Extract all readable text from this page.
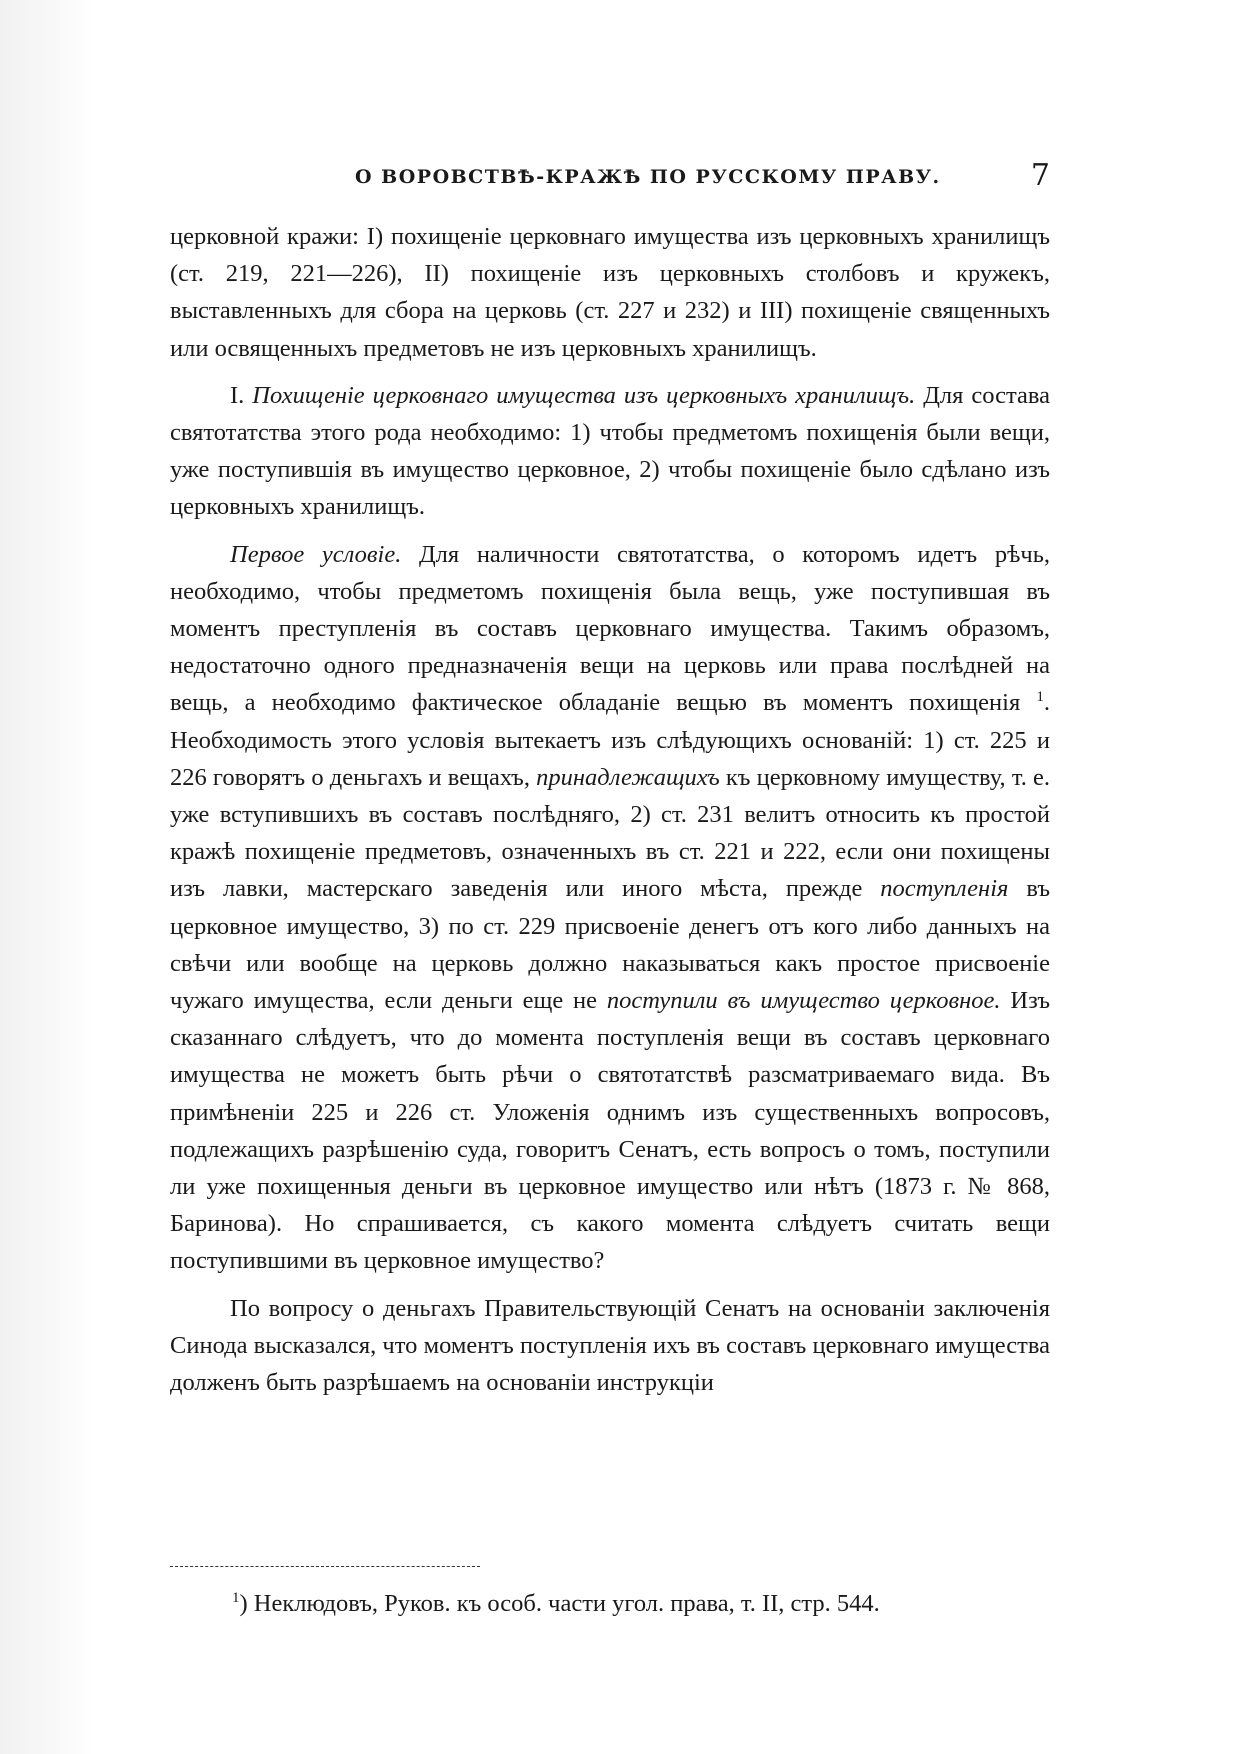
О ВОРОВСТВѢ-КРАЖѢ ПО РУССКОМУ ПРАВУ.	7

церковной кражи: I) похищеніе церковнаго имущества изъ церковныхъ хранилищъ (ст. 219, 221—226), II) похищеніе изъ церковныхъ столбовъ и кружекъ, выставленныхъ для сбора на церковь (ст. 227 и 232) и III) похищеніе священныхъ или освященныхъ предметовъ не изъ церковныхъ хранилищъ.

I. Похищеніе церковнаго имущества изъ церковныхъ хранилищъ. Для состава святотатства этого рода необходимо: 1) чтобы предметомъ похищенія были вещи, уже поступившія въ имущество церковное, 2) чтобы похищеніе было сдѣлано изъ церковныхъ хранилищъ.

Первое условіе. Для наличности святотатства, о которомъ идетъ рѣчь, необходимо, чтобы предметомъ похищенія была вещь, уже поступившая въ моментъ преступленія въ составъ церковнаго имущества. Такимъ образомъ, недостаточно одного предназначенія вещи на церковь или права послѣдней на вещь, а необходимо фактическое обладаніе вещью въ моментъ похищенія $^1$. Необходимость этого условія вытекаетъ изъ слѣдующихъ основаній: 1) ст. 225 и 226 говорятъ о деньгахъ и вещахъ, принадлежащихъ къ церковному имуществу, т. е. уже вступившихъ въ составъ послѣдняго, 2) ст. 231 велитъ относить къ простой кражѣ похищеніе предметовъ, означенныхъ въ ст. 221 и 222, если они похищены изъ лавки, мастерскаго заведенія или иного мѣста, прежде поступленія въ церковное имущество, 3) по ст. 229 присвоеніе денегъ отъ кого либо данныхъ на свѣчи или вообще на церковь должно наказываться какъ простое присвоеніе чужаго имущества, если деньги еще не поступили въ имущество церковное. Изъ сказаннаго слѣдуетъ, что до момента поступленія вещи въ составъ церковнаго имущества не можетъ быть рѣчи о святотатствѣ разсматриваемаго вида. Въ примѣненіи 225 и 226 ст. Уложенія однимъ изъ существенныхъ вопросовъ, подлежащихъ разрѣшенію суда, говоритъ Сенатъ, есть вопросъ о томъ, поступили ли уже похищенныя деньги въ церковное имущество или нѣтъ (1873 г. № 868, Баринова). Но спрашивается, съ какого момента слѣдуетъ считать вещи поступившими въ церковное имущество?

По вопросу о деньгахъ Правительствующій Сенатъ на основаніи заключенія Синода высказался, что моментъ поступленія ихъ въ составъ церковнаго имущества долженъ быть разрѣшаемъ на основаніи инструкціи

$^1$) Неклюдовъ, Руков. къ особ. части угол. права, т. II, стр. 544.
